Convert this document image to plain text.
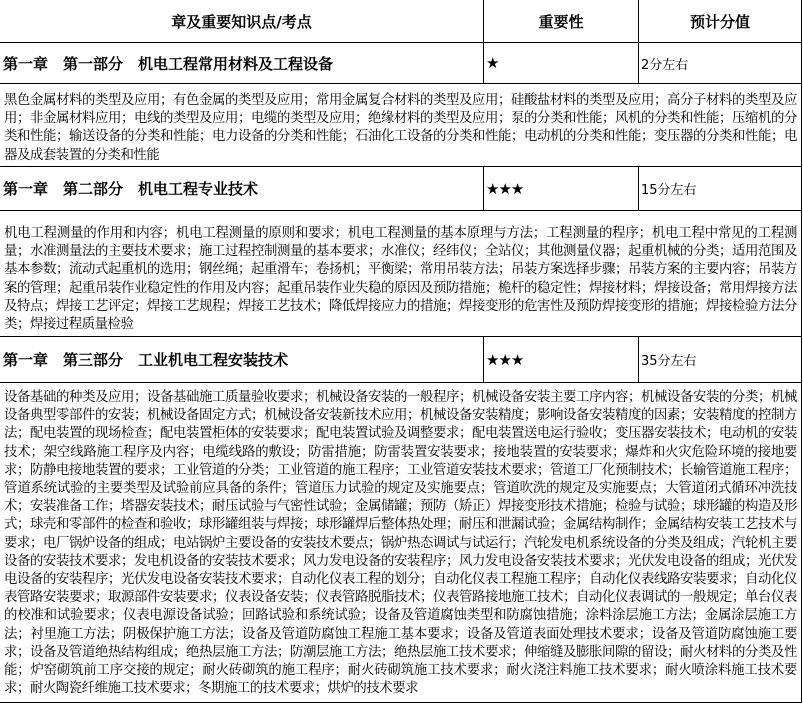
章及重要知识点/考点	重要性	预计分值
第一章　第一部分　机电工程常用材料及工程设备	★	2分左右
黑色金属材料的类型及应用；有色金属的类型及应用；常用金属复合材料的类型及应用；硅酸盐材料的类型及应用；高分子材料的类型及应用；非金属材料应用；电线的类型及应用；电缆的类型及应用；绝缘材料的类型及应用；泵的分类和性能；风机的分类和性能；压缩机的分类和性能；输送设备的分类和性能；电力设备的分类和性能；石油化工设备的分类和性能；电动机的分类和性能；变压器的分类和性能；电器及成套装置的分类和性能
第一章　第二部分　机电工程专业技术	★★★	15分左右
机电工程测量的作用和内容；机电工程测量的原则和要求；机电工程测量的基本原理与方法；工程测量的程序；机电工程中常见的工程测量；水准测量法的主要技术要求；施工过程控制测量的基本要求；水准仪；经纬仪；全站仪；其他测量仪器；起重机械的分类；适用范围及基本参数；流动式起重机的选用；钢丝绳；起重滑车；卷扬机；平衡梁；常用吊装方法；吊装方案选择步骤；吊装方案的主要内容；吊装方案的管理；起重吊装作业稳定性的作用及内容；起重吊装作业失稳的原因及预防措施；桅杆的稳定性；焊接材料；焊接设备；常用焊接方法及特点；焊接工艺评定；焊接工艺规程；焊接工艺技术；降低焊接应力的措施；焊接变形的危害性及预防焊接变形的措施；焊接检验方法分类；焊接过程质量检验
第一章　第三部分　工业机电工程安装技术	★★★	35分左右
设备基础的种类及应用；设备基础施工质量验收要求；机械设备安装的一般程序；机械设备安装主要工序内容；机械设备安装的分类；机械设备典型零部件的安装；机械设备固定方式；机械设备安装新技术应用；机械设备安装精度；影响设备安装精度的因素；安装精度的控制方法；配电装置的现场检查；配电装置柜体的安装要求；配电装置试验及调整要求；配电装置送电运行验收；变压器安装技术；电动机的安装技术；架空线路施工程序及内容；电缆线路的敷设；防雷措施；防雷装置安装要求；接地装置的安装要求；爆炸和火灾危险环境的接地要求；防静电接地装置的要求；工业管道的分类；工业管道的施工程序；工业管道安装技术要求；管道工厂化预制技术；长输管道施工程序；管道系统试验的主要类型及试验前应具备的条件；管道压力试验的规定及实施要点；管道吹洗的规定及实施要点；大管道闭式循环冲洗技术；安装准备工作；塔器安装技术；耐压试验与气密性试验；金属储罐；预防（矫正）焊接变形技术措施；检验与试验；球形罐的构造及形式；球壳和零部件的检查和验收；球形罐组装与焊接；球形罐焊后整体热处理；耐压和泄漏试验；金属结构制作；金属结构安装工艺技术与要求；电厂锅炉设备的组成；电站锅炉主要设备的安装技术要点；锅炉热态调试与试运行；汽轮发电机系统设备的分类及组成；汽轮机主要设备的安装技术要求；发电机设备的安装技术要求；风力发电设备的安装程序；风力发电设备安装技术要求；光伏发电设备的组成；光伏发电设备的安装程序；光伏发电设备安装技术要求；自动化仪表工程的划分；自动化仪表工程施工程序；自动化仪表线路安装要求；自动化仪表管路安装要求；取源部件安装要求；仪表设备安装；仪表管路脱脂技术；仪表管路接地施工技术；自动化仪表调试的一般规定；单台仪表的校准和试验要求；仪表电源设备试验；回路试验和系统试验；设备及管道腐蚀类型和防腐蚀措施；涂料涂层施工方法；金属涂层施工方法；衬里施工方法；阴极保护施工方法；设备及管道防腐蚀工程施工基本要求；设备及管道表面处理技术要求；设备及管道防腐蚀施工要求；设备及管道绝热结构组成；绝热层施工方法；防潮层施工方法；绝热层施工技术要求；伸缩缝及膨胀间隙的留设；耐火材料的分类及性能；炉窑砌筑前工序交接的规定；耐火砖砌筑的施工程序；耐火砖砌筑施工技术要求；耐火浇注料施工技术要求；耐火喷涂料施工技术要求；耐火陶瓷纤维施工技术要求；冬期施工的技术要求；烘炉的技术要求
